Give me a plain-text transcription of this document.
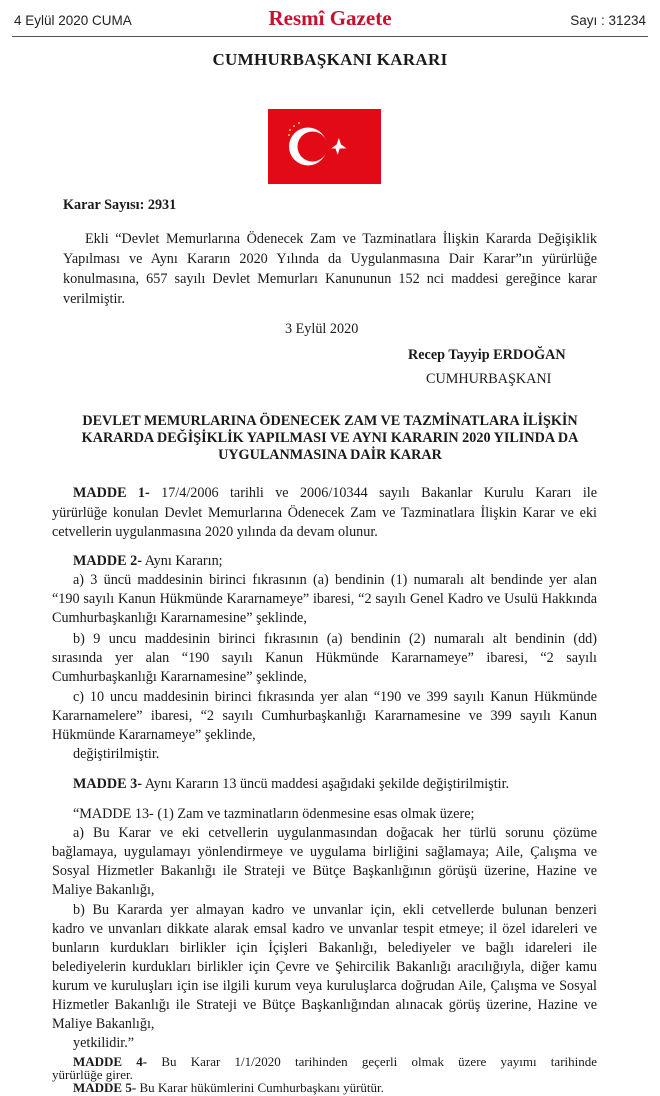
4 Eylül 2020 CUMA	Resmî Gazete	Sayı : 31234
CUMHURBAŞKANI KARARI
Karar Sayısı: 2931
Ekli “Devlet Memurlarına Ödenecek Zam ve Tazminatlara İlişkin Kararda Değişiklik
Yapılması ve Aynı Kararın 2020 Yılında da Uygulanmasına Dair Karar”ın yürürlüğe
konulmasına, 657 sayılı Devlet Memurları Kanununun 152 nci maddesi gereğince karar
verilmiştir.
3 Eylül 2020
Recep Tayyip ERDOĞAN
CUMHURBAŞKANI
DEVLET MEMURLARINA ÖDENECEK ZAM VE TAZMİNATLARA İLİŞKİN
KARARDA DEĞİŞİKLİK YAPILMASI VE AYNI KARARIN 2020 YILINDA DA
UYGULANMASINA DAİR KARAR
MADDE 1- 17/4/2006 tarihli ve 2006/10344 sayılı Bakanlar Kurulu Kararı ile
yürürlüğe konulan Devlet Memurlarına Ödenecek Zam ve Tazminatlara İlişkin Karar ve eki
cetvellerin uygulanmasına 2020 yılında da devam olunur.
MADDE 2- Aynı Kararın;
a) 3 üncü maddesinin birinci fıkrasının (a) bendinin (1) numaralı alt bendinde yer alan
“190 sayılı Kanun Hükmünde Kararnameye” ibaresi, “2 sayılı Genel Kadro ve Usulü Hakkında
Cumhurbaşkanlığı Kararnamesine” şeklinde,
b) 9 uncu maddesinin birinci fıkrasının (a) bendinin (2) numaralı alt bendinin (dd)
sırasında yer alan “190 sayılı Kanun Hükmünde Kararnameye” ibaresi, “2 sayılı
Cumhurbaşkanlığı Kararnamesine” şeklinde,
c) 10 uncu maddesinin birinci fıkrasında yer alan “190 ve 399 sayılı Kanun Hükmünde
Kararnamelere” ibaresi, “2 sayılı Cumhurbaşkanlığı Kararnamesine ve 399 sayılı Kanun
Hükmünde Kararnameye” şeklinde,
değiştirilmiştir.
MADDE 3- Aynı Kararın 13 üncü maddesi aşağıdaki şekilde değiştirilmiştir.
“MADDE 13- (1) Zam ve tazminatların ödenmesine esas olmak üzere;
a) Bu Karar ve eki cetvellerin uygulanmasından doğacak her türlü sorunu çözüme
bağlamaya, uygulamayı yönlendirmeye ve uygulama birliğini sağlamaya; Aile, Çalışma ve
Sosyal Hizmetler Bakanlığı ile Strateji ve Bütçe Başkanlığının görüşü üzerine, Hazine ve
Maliye Bakanlığı,
b) Bu Kararda yer almayan kadro ve unvanlar için, ekli cetvellerde bulunan benzeri
kadro ve unvanları dikkate alarak emsal kadro ve unvanlar tespit etmeye; il özel idareleri ve
bunların kurdukları birlikler için İçişleri Bakanlığı, belediyeler ve bağlı idareleri ile
belediyelerin kurdukları birlikler için Çevre ve Şehircilik Bakanlığı aracılığıyla, diğer kamu
kurum ve kuruluşları için ise ilgili kurum veya kuruluşlarca doğrudan Aile, Çalışma ve Sosyal
Hizmetler Bakanlığı ile Strateji ve Bütçe Başkanlığından alınacak görüş üzerine, Hazine ve
Maliye Bakanlığı,
yetkilidir.”
MADDE 4- Bu Karar 1/1/2020 tarihinden geçerli olmak üzere yayımı tarihinde
yürürlüğe girer.
MADDE 5- Bu Karar hükümlerini Cumhurbaşkanı yürütür.
